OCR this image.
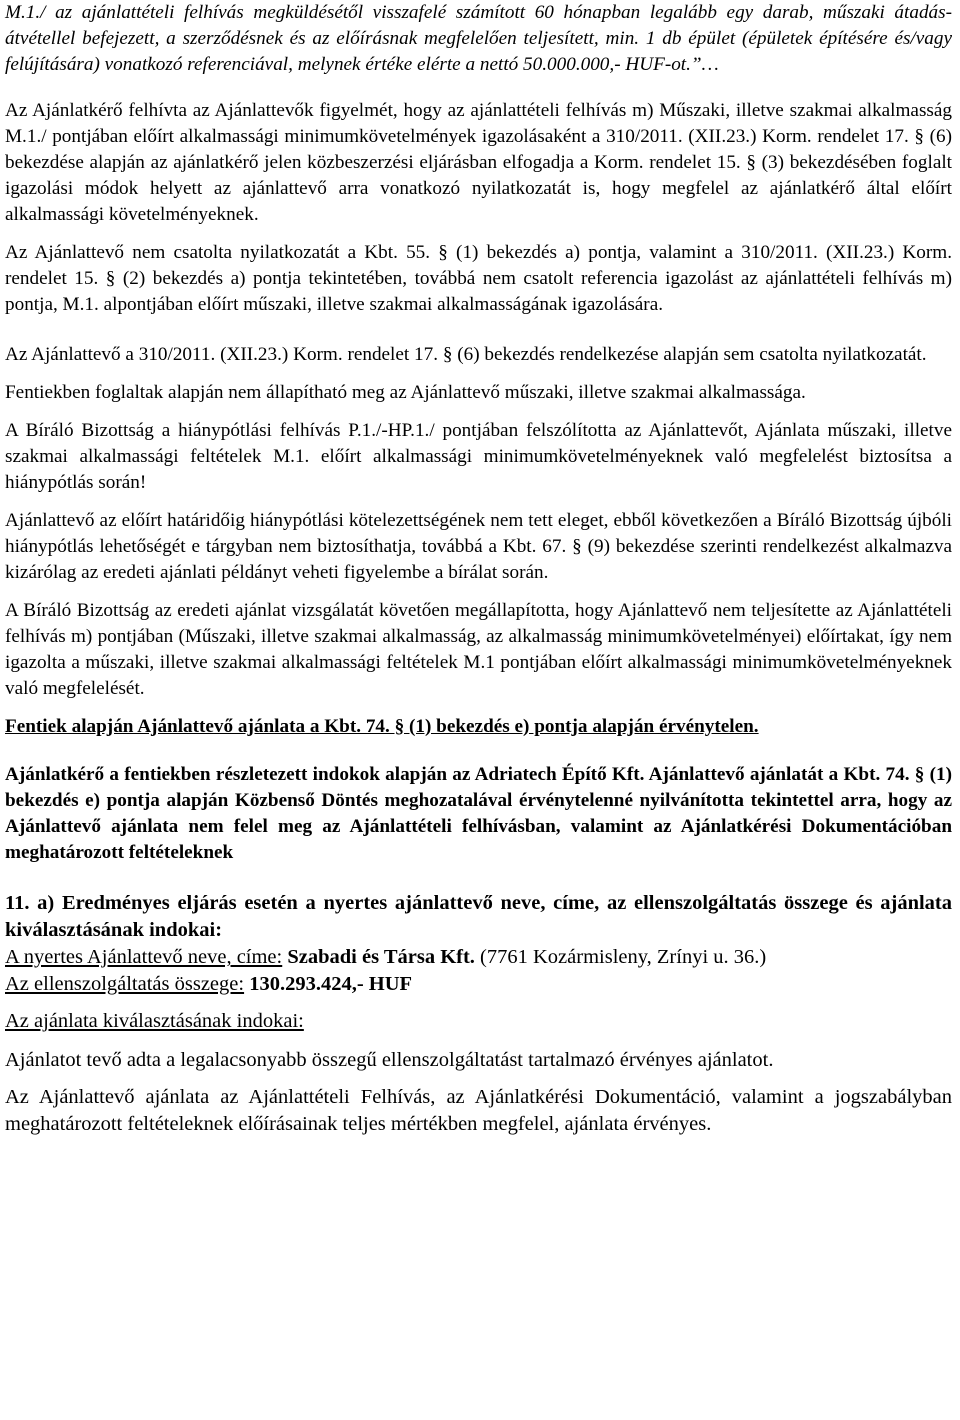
M.1./ az ajánlattételi felhívás megküldésétől visszafelé számított 60 hónapban legalább egy darab, műszaki átadás-átvétellel befejezett, a szerződésnek és az előírásnak megfelelően teljesített, min. 1 db épület (épületek építésére és/vagy felújítására) vonatkozó referenciával, melynek értéke elérte a nettó 50.000.000,- HUF-ot.”…

Az Ajánlatkérő felhívta az Ajánlattevők figyelmét, hogy az ajánlattételi felhívás m) Műszaki, illetve szakmai alkalmasság M.1./ pontjában előírt alkalmassági minimumkövetelmények igazolásaként a 310/2011. (XII.23.) Korm. rendelet 17. § (6) bekezdése alapján az ajánlatkérő jelen közbeszerzési eljárásban elfogadja a Korm. rendelet 15. § (3) bekezdésében foglalt igazolási módok helyett az ajánlattevő arra vonatkozó nyilatkozatát is, hogy megfelel az ajánlatkérő által előírt alkalmassági követelményeknek.

Az Ajánlattevő nem csatolta nyilatkozatát a Kbt. 55. § (1) bekezdés a) pontja, valamint a 310/2011. (XII.23.) Korm. rendelet 15. § (2) bekezdés a) pontja tekintetében, továbbá nem csatolt referencia igazolást az ajánlattételi felhívás m) pontja, M.1. alpontjában előírt műszaki, illetve szakmai alkalmasságának igazolására.

Az Ajánlattevő a 310/2011. (XII.23.) Korm. rendelet 17. § (6) bekezdés rendelkezése alapján sem csatolta nyilatkozatát.

Fentiekben foglaltak alapján nem állapítható meg az Ajánlattevő műszaki, illetve szakmai alkalmassága.

A Bíráló Bizottság a hiánypótlási felhívás P.1./-HP.1./ pontjában felszólította az Ajánlattevőt, Ajánlata műszaki, illetve szakmai alkalmassági feltételek M.1. előírt alkalmassági minimumkövetelményeknek való megfelelést biztosítsa a hiánypótlás során!

Ajánlattevő az előírt határidőig hiánypótlási kötelezettségének nem tett eleget, ebből következően a Bíráló Bizottság újbóli hiánypótlás lehetőségét e tárgyban nem biztosíthatja, továbbá a Kbt. 67. § (9) bekezdése szerinti rendelkezést alkalmazva kizárólag az eredeti ajánlati példányt veheti figyelembe a bírálat során.

A Bíráló Bizottság az eredeti ajánlat vizsgálatát követően megállapította, hogy Ajánlattevő nem teljesítette az Ajánlattételi felhívás m) pontjában (Műszaki, illetve szakmai alkalmasság, az alkalmasság minimumkövetelményei) előírtakat, így nem igazolta a műszaki, illetve szakmai alkalmassági feltételek M.1 pontjában előírt alkalmassági minimumkövetelményeknek való megfelelését.

Fentiek alapján Ajánlattevő ajánlata a Kbt. 74. § (1) bekezdés e) pontja alapján érvénytelen.

Ajánlatkérő a fentiekben részletezett indokok alapján az Adriatech Építő Kft. Ajánlattevő ajánlatát a Kbt. 74. § (1) bekezdés e) pontja alapján Közbenső Döntés meghozatalával érvénytelenné nyilvánította tekintettel arra, hogy az Ajánlattevő ajánlata nem felel meg az Ajánlattételi felhívásban, valamint az Ajánlatkérési Dokumentációban meghatározott feltételeknek

11. a) Eredményes eljárás esetén a nyertes ajánlattevő neve, címe, az ellenszolgáltatás összege és ajánlata kiválasztásának indokai:

A nyertes Ajánlattevő neve, címe: Szabadi és Társa Kft. (7761 Kozármisleny, Zrínyi u. 36.)

Az ellenszolgáltatás összege: 130.293.424,- HUF

Az ajánlata kiválasztásának indokai:

Ajánlatot tevő adta a legalacsonyabb összegű ellenszolgáltatást tartalmazó érvényes ajánlatot.

Az Ajánlattevő ajánlata az Ajánlattételi Felhívás, az Ajánlatkérési Dokumentáció, valamint a jogszabályban meghatározott feltételeknek előírásainak teljes mértékben megfelel, ajánlata érvényes.
